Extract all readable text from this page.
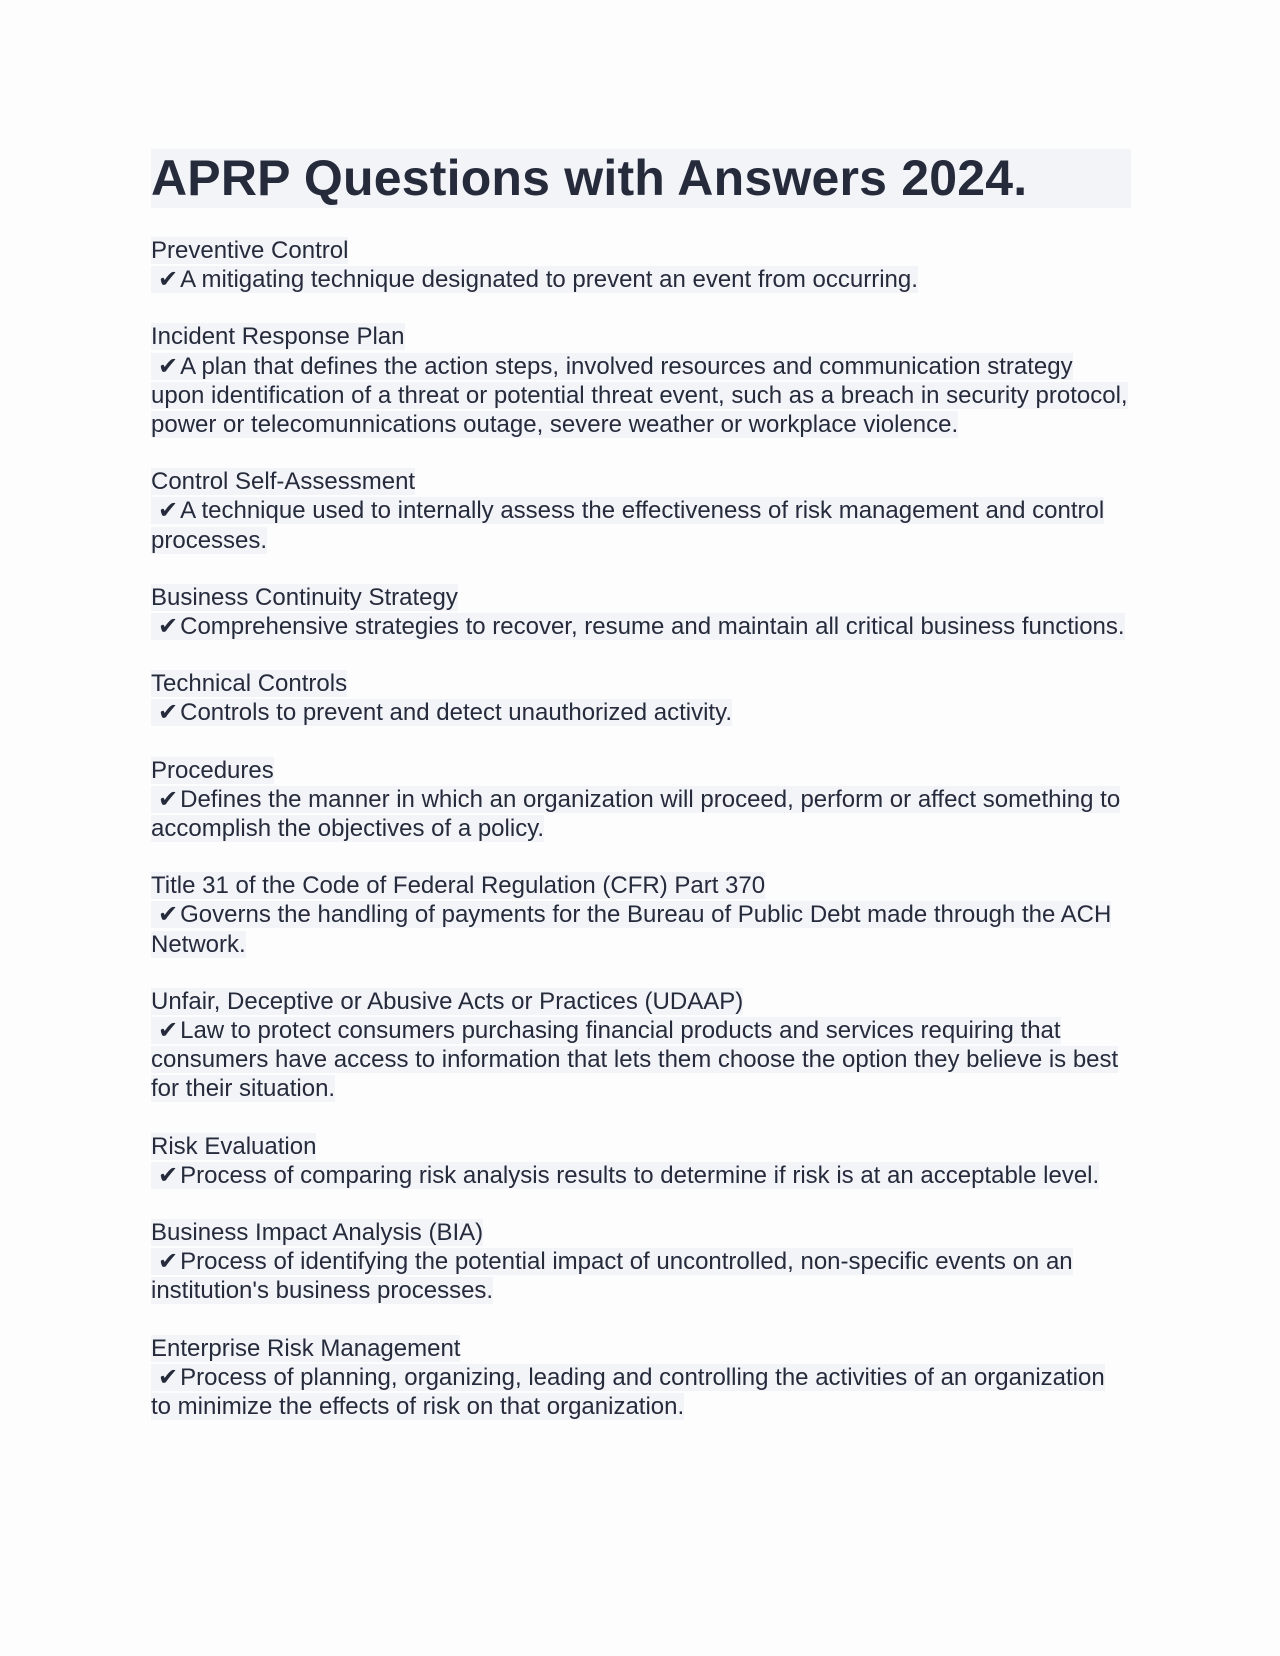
APRP Questions with Answers 2024.
Preventive Control
✔A mitigating technique designated to prevent an event from occurring.
Incident Response Plan
✔A plan that defines the action steps, involved resources and communication strategy upon identification of a threat or potential threat event, such as a breach in security protocol, power or telecomunnications outage, severe weather or workplace violence.
Control Self-Assessment
✔A technique used to internally assess the effectiveness of risk management and control processes.
Business Continuity Strategy
✔Comprehensive strategies to recover, resume and maintain all critical business functions.
Technical Controls
✔Controls to prevent and detect unauthorized activity.
Procedures
✔Defines the manner in which an organization will proceed, perform or affect something to accomplish the objectives of a policy.
Title 31 of the Code of Federal Regulation (CFR) Part 370
✔Governs the handling of payments for the Bureau of Public Debt made through the ACH Network.
Unfair, Deceptive or Abusive Acts or Practices (UDAAP)
✔Law to protect consumers purchasing financial products and services requiring that consumers have access to information that lets them choose the option they believe is best for their situation.
Risk Evaluation
✔Process of comparing risk analysis results to determine if risk is at an acceptable level.
Business Impact Analysis (BIA)
✔Process of identifying the potential impact of uncontrolled, non-specific events on an institution's business processes.
Enterprise Risk Management
✔Process of planning, organizing, leading and controlling the activities of an organization to minimize the effects of risk on that organization.
